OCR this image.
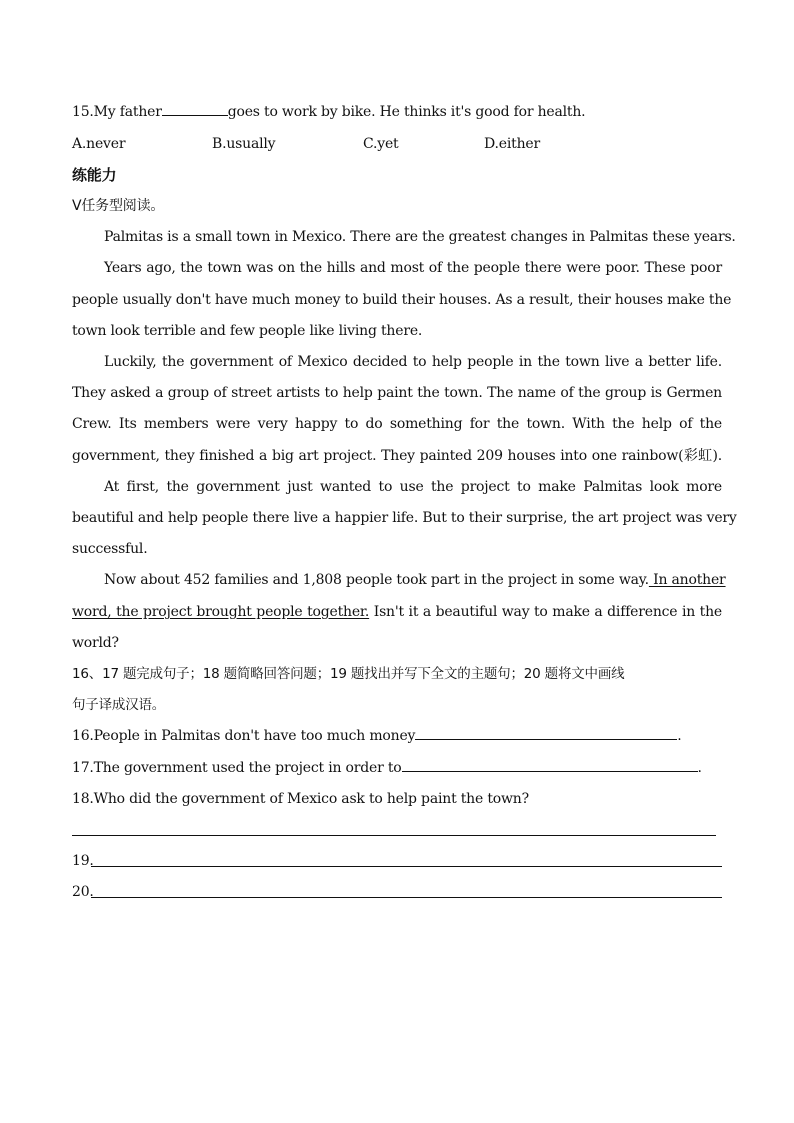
15.My father	goes to work by bike. He thinks it's good for health.
A.never	B.usually	C.yet	D.either
练能力
Ⅴ任务型阅读。
Palmitas is a small town in Mexico. There are the greatest changes in Palmitas these years.
Years ago, the town was on the hills and most of the people there were poor. These poor
people usually don't have much money to build their houses. As a result, their houses make the
town look terrible and few people like living there.
Luckily, the government of Mexico decided to help people in the town live a better life.
They asked a group of street artists to help paint the town. The name of the group is Germen
Crew. Its members were very happy to do something for the town. With the help of the
government, they finished a big art project. They painted 209 houses into one rainbow(彩虹).
At first, the government just wanted to use the project to make Palmitas look more
beautiful and help people there live a happier life. But to their surprise, the art project was very
successful.
Now about 452 families and 1,808 people took part in the project in some way. In another
word, the project brought people together. Isn't it a beautiful way to make a difference in the
world?
16、17 题完成句子；18 题简略回答问题；19 题找出并写下全文的主题句；20 题将文中画线
句子译成汉语。
16.People in Palmitas don't have too much money	.
17.The government used the project in order to	.
18.Who did the government of Mexico ask to help paint the town?
19.
20.
